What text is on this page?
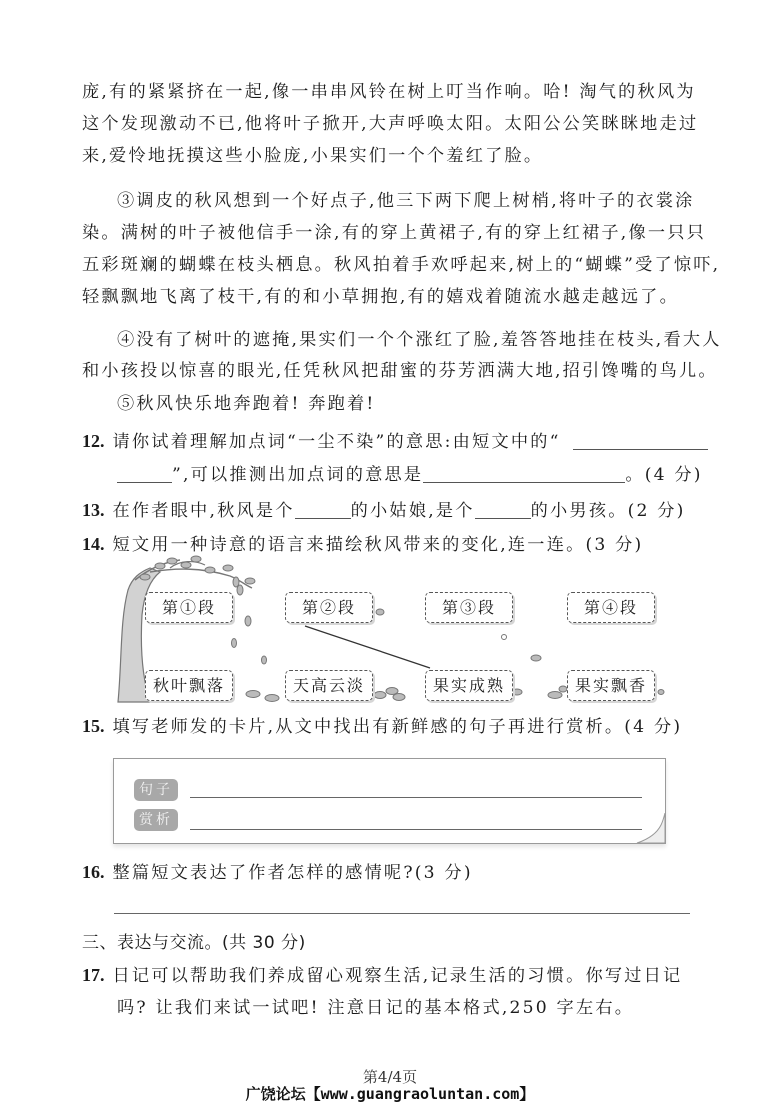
庞,有的紧紧挤在一起,像一串串风铃在树上叮当作响。哈! 淘气的秋风为
这个发现激动不已,他将叶子掀开,大声呼唤太阳。太阳公公笑眯眯地走过
来,爱怜地抚摸这些小脸庞,小果实们一个个羞红了脸。
③调皮的秋风想到一个好点子,他三下两下爬上树梢,将叶子的衣裳涂
染。满树的叶子被他信手一涂,有的穿上黄裙子,有的穿上红裙子,像一只只
五彩斑斓的蝴蝶在枝头栖息。秋风拍着手欢呼起来,树上的“蝴蝶”受了惊吓,
轻飘飘地飞离了枝干,有的和小草拥抱,有的嬉戏着随流水越走越远了。
④没有了树叶的遮掩,果实们一个个涨红了脸,羞答答地挂在枝头,看大人
和小孩投以惊喜的眼光,任凭秋风把甜蜜的芬芳洒满大地,招引馋嘴的鸟儿。
⑤秋风快乐地奔跑着! 奔跑着!
12. 请你试着理解加点词“一尘不染”的意思:由短文中的“
”,可以推测出加点词的意思是	。(4 分)
13. 在作者眼中,秋风是个	的小姑娘,是个	的小男孩。(2 分)
14. 短文用一种诗意的语言来描绘秋风带来的变化,连一连。(3 分)
第①段	第②段	第③段	第④段
秋叶飘落	天高云淡	果实成熟	果实飘香
15. 填写老师发的卡片,从文中找出有新鲜感的句子再进行赏析。(4 分)
句子
赏析
16. 整篇短文表达了作者怎样的感情呢?(3 分)
三、表达与交流。(共 30 分)
17. 日记可以帮助我们养成留心观察生活,记录生活的习惯。你写过日记
吗? 让我们来试一试吧! 注意日记的基本格式,250 字左右。
第4/4页
广饶论坛【www.guangraoluntan.com】
